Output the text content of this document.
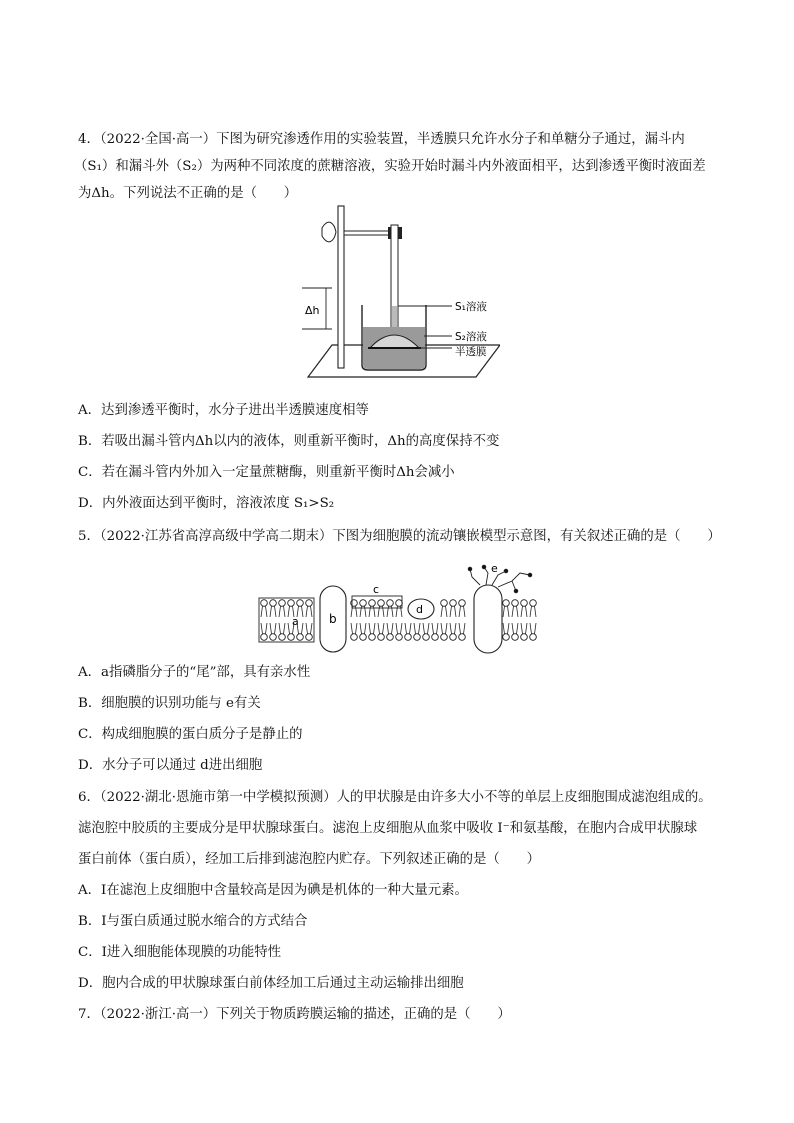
4．（2022·全国·高一）下图为研究渗透作用的实验装置，半透膜只允许水分子和单糖分子通过，漏斗内
（S₁）和漏斗外（S₂）为两种不同浓度的蔗糖溶液，实验开始时漏斗内外液面相平，达到渗透平衡时液面差
为Δh。下列说法不正确的是（　　）
Δh	S₁溶液
S₂溶液
半透膜
A．达到渗透平衡时，水分子进出半透膜速度相等
B．若吸出漏斗管内Δh以内的液体，则重新平衡时，Δh的高度保持不变
C．若在漏斗管内外加入一定量蔗糖酶，则重新平衡时Δh会减小
D．内外液面达到平衡时，溶液浓度 S₁>S₂
5．（2022·江苏省高淳高级中学高二期末）下图为细胞膜的流动镶嵌模型示意图，有关叙述正确的是（　　）
a	b
c
d
e
A．a指磷脂分子的“尾”部，具有亲水性
B．细胞膜的识别功能与 e有关
C．构成细胞膜的蛋白质分子是静止的
D．水分子可以通过 d进出细胞
6．（2022·湖北·恩施市第一中学模拟预测）人的甲状腺是由许多大小不等的单层上皮细胞围成滤泡组成的。
滤泡腔中胶质的主要成分是甲状腺球蛋白。滤泡上皮细胞从血浆中吸收 I⁻和氨基酸，在胞内合成甲状腺球
蛋白前体（蛋白质），经加工后排到滤泡腔内贮存。下列叙述正确的是（　　）
A．I在滤泡上皮细胞中含量较高是因为碘是机体的一种大量元素。
B．I与蛋白质通过脱水缩合的方式结合
C．I进入细胞能体现膜的功能特性
D．胞内合成的甲状腺球蛋白前体经加工后通过主动运输排出细胞
7．（2022·浙江·高一）下列关于物质跨膜运输的描述，正确的是（　　）
